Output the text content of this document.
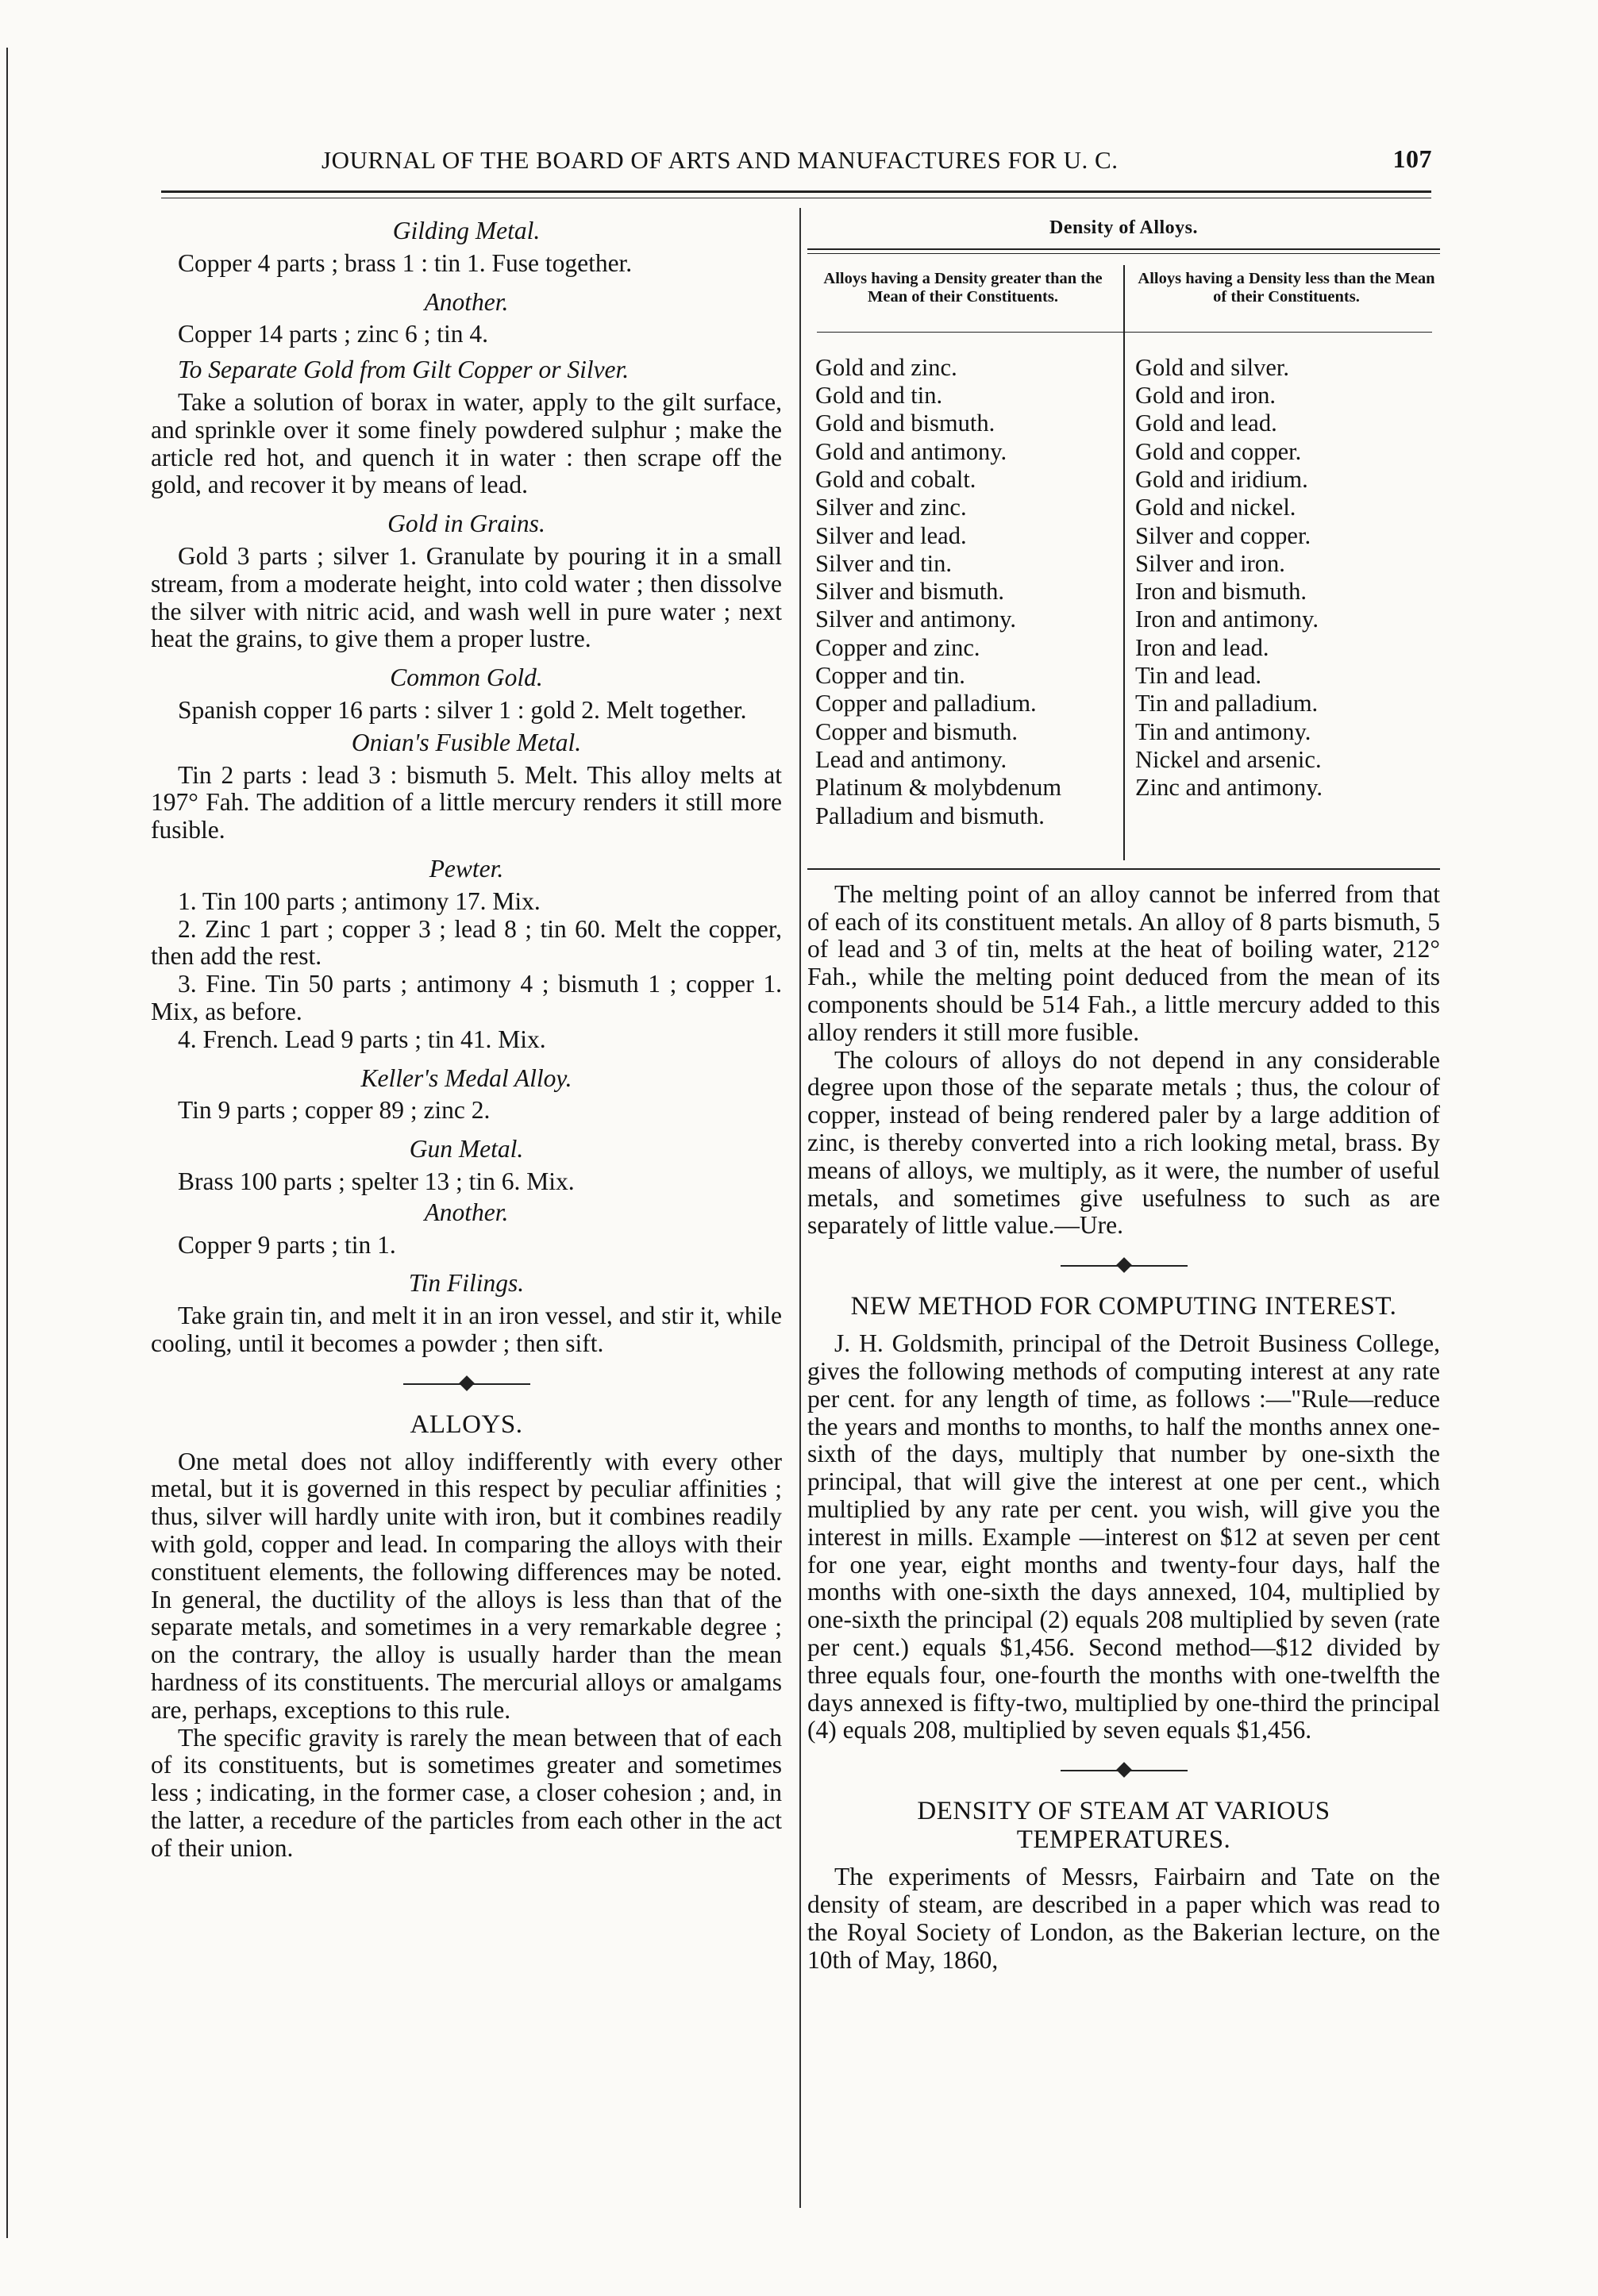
JOURNAL OF THE BOARD OF ARTS AND MANUFACTURES FOR U. C.	107
Gilding Metal.
Copper 4 parts ; brass 1 : tin 1. Fuse together.
Another.
Copper 14 parts ; zinc 6 ; tin 4.
To Separate Gold from Gilt Copper or Silver.

Take a solution of borax in water, apply to the gilt surface, and sprinkle over it some finely powdered sulphur ; make the article red hot, and quench it in water : then scrape off the gold, and recover it by means of lead.

Gold in Grains.

Gold 3 parts ; silver 1. Granulate by pouring it in a small stream, from a moderate height, into cold water ; then dissolve the silver with nitric acid, and wash well in pure water ; next heat the grains, to give them a proper lustre.

Common Gold.

Spanish copper 16 parts : silver 1 : gold 2. Melt together.

Onian's Fusible Metal.

Tin 2 parts : lead 3 : bismuth 5. Melt. This alloy melts at 197° Fah. The addition of a little mercury renders it still more fusible.

Pewter.

1. Tin 100 parts ; antimony 17. Mix.

2. Zinc 1 part ; copper 3 ; lead 8 ; tin 60. Melt the copper, then add the rest.

3. Fine. Tin 50 parts ; antimony 4 ; bismuth 1 ; copper 1. Mix, as before.

4. French. Lead 9 parts ; tin 41. Mix.

Keller's Medal Alloy.
Tin 9 parts ; copper 89 ; zinc 2.
Gun Metal.
Brass 100 parts ; spelter 13 ; tin 6. Mix.
Another.
Copper 9 parts ; tin 1.
Tin Filings.

Take grain tin, and melt it in an iron vessel, and stir it, while cooling, until it becomes a powder ; then sift.

ALLOYS.

One metal does not alloy indifferently with every other metal, but it is governed in this respect by peculiar affinities ; thus, silver will hardly unite with iron, but it combines readily with gold, copper and lead. In comparing the alloys with their constituent elements, the following differences may be noted. In general, the ductility of the alloys is less than that of the separate metals, and sometimes in a very remarkable degree ; on the contrary, the alloy is usually harder than the mean hardness of its constituents. The mercurial alloys or amalgams are, perhaps, exceptions to this rule.

The specific gravity is rarely the mean between that of each of its constituents, but is sometimes greater and sometimes less ; indicating, in the former case, a closer cohesion ; and, in the latter, a recedure of the particles from each other in the act of their union.

Density of Alloys.
Alloys having a Density greater than the Mean of their Constituents.
Alloys having a Density less than the Mean of their Constituents.
Gold and zinc.
Gold and tin.
Gold and bismuth.
Gold and antimony.
Gold and cobalt.
Silver and zinc.
Silver and lead.
Silver and tin.
Silver and bismuth.
Silver and antimony.
Copper and zinc.
Copper and tin.
Copper and palladium.
Copper and bismuth.
Lead and antimony.
Platinum & molybdenum
Palladium and bismuth.
Gold and silver.
Gold and iron.
Gold and lead.
Gold and copper.
Gold and iridium.
Gold and nickel.
Silver and copper.
Silver and iron.
Iron and bismuth.
Iron and antimony.
Iron and lead.
Tin and lead.
Tin and palladium.
Tin and antimony.
Nickel and arsenic.
Zinc and antimony.

The melting point of an alloy cannot be inferred from that of each of its constituent metals. An alloy of 8 parts bismuth, 5 of lead and 3 of tin, melts at the heat of boiling water, 212° Fah., while the melting point deduced from the mean of its components should be 514 Fah., a little mercury added to this alloy renders it still more fusible.

The colours of alloys do not depend in any considerable degree upon those of the separate metals ; thus, the colour of copper, instead of being rendered paler by a large addition of zinc, is thereby converted into a rich looking metal, brass. By means of alloys, we multiply, as it were, the number of useful metals, and sometimes give usefulness to such as are separately of little value.—Ure.

NEW METHOD FOR COMPUTING INTEREST.

J. H. Goldsmith, principal of the Detroit Business College, gives the following methods of computing interest at any rate per cent. for any length of time, as follows :—"Rule—reduce the years and months to months, to half the months annex one-sixth of the days, multiply that number by one-sixth the principal, that will give the interest at one per cent., which multiplied by any rate per cent. you wish, will give you the interest in mills. Example —interest on $12 at seven per cent for one year, eight months and twenty-four days, half the months with one-sixth the days annexed, 104, multiplied by one-sixth the principal (2) equals 208 multiplied by seven (rate per cent.) equals $1,456. Second method—$12 divided by three equals four, one-fourth the months with one-twelfth the days annexed is fifty-two, multiplied by one-third the principal (4) equals 208, multiplied by seven equals $1,456.

DENSITY OF STEAM AT VARIOUS TEMPERATURES.

The experiments of Messrs, Fairbairn and Tate on the density of steam, are described in a paper which was read to the Royal Society of London, as the Bakerian lecture, on the 10th of May, 1860,
